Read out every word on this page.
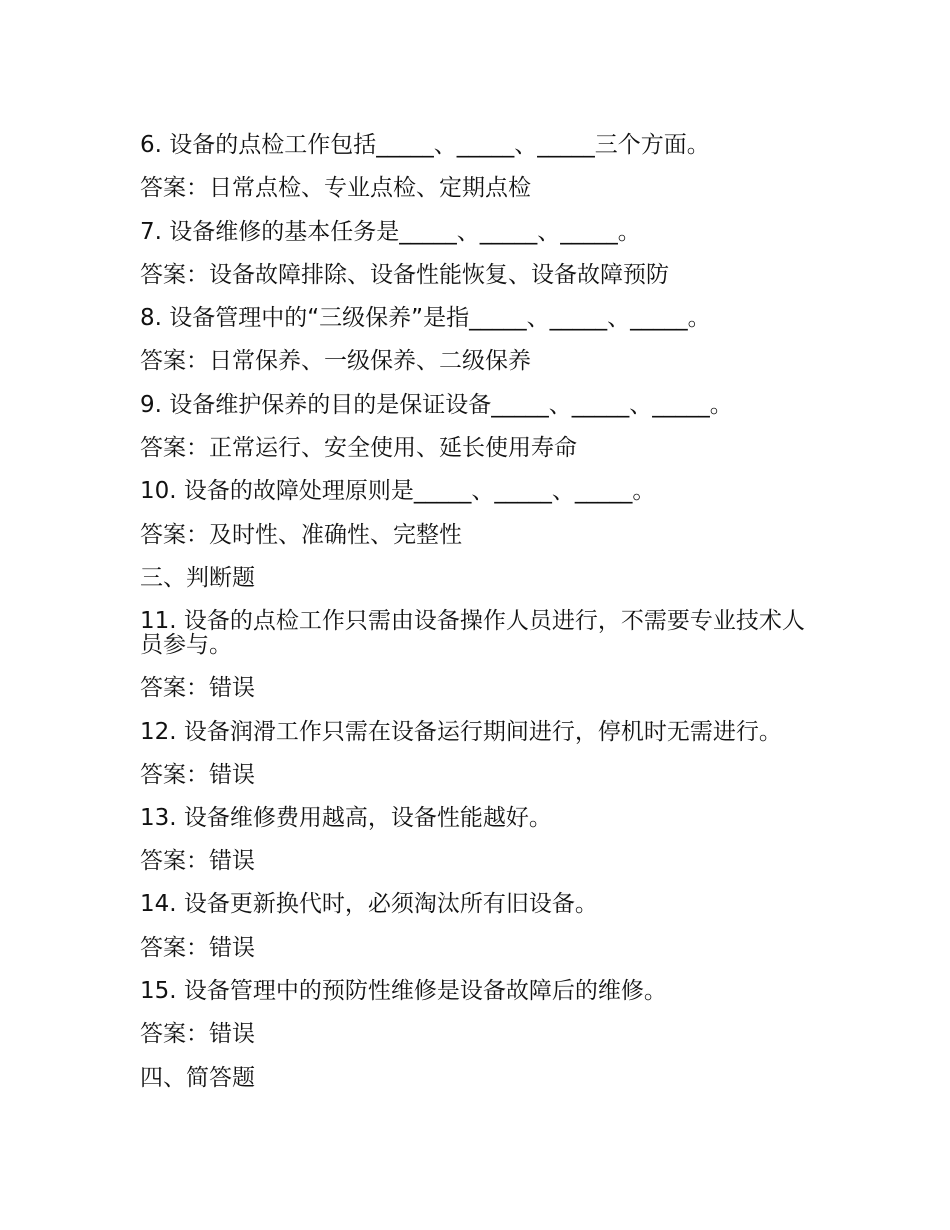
6. 设备的点检工作包括_____、_____、_____三个方面。

答案：日常点检、专业点检、定期点检

7. 设备维修的基本任务是_____、_____、_____。

答案：设备故障排除、设备性能恢复、设备故障预防

8. 设备管理中的“三级保养”是指_____、_____、_____。

答案：日常保养、一级保养、二级保养

9. 设备维护保养的目的是保证设备_____、_____、_____。

答案：正常运行、安全使用、延长使用寿命

10. 设备的故障处理原则是_____、_____、_____。

答案：及时性、准确性、完整性

三、判断题

11. 设备的点检工作只需由设备操作人员进行，不需要专业技术人员参与。

答案：错误

12. 设备润滑工作只需在设备运行期间进行，停机时无需进行。

答案：错误

13. 设备维修费用越高，设备性能越好。

答案：错误

14. 设备更新换代时，必须淘汰所有旧设备。

答案：错误

15. 设备管理中的预防性维修是设备故障后的维修。

答案：错误

四、简答题
